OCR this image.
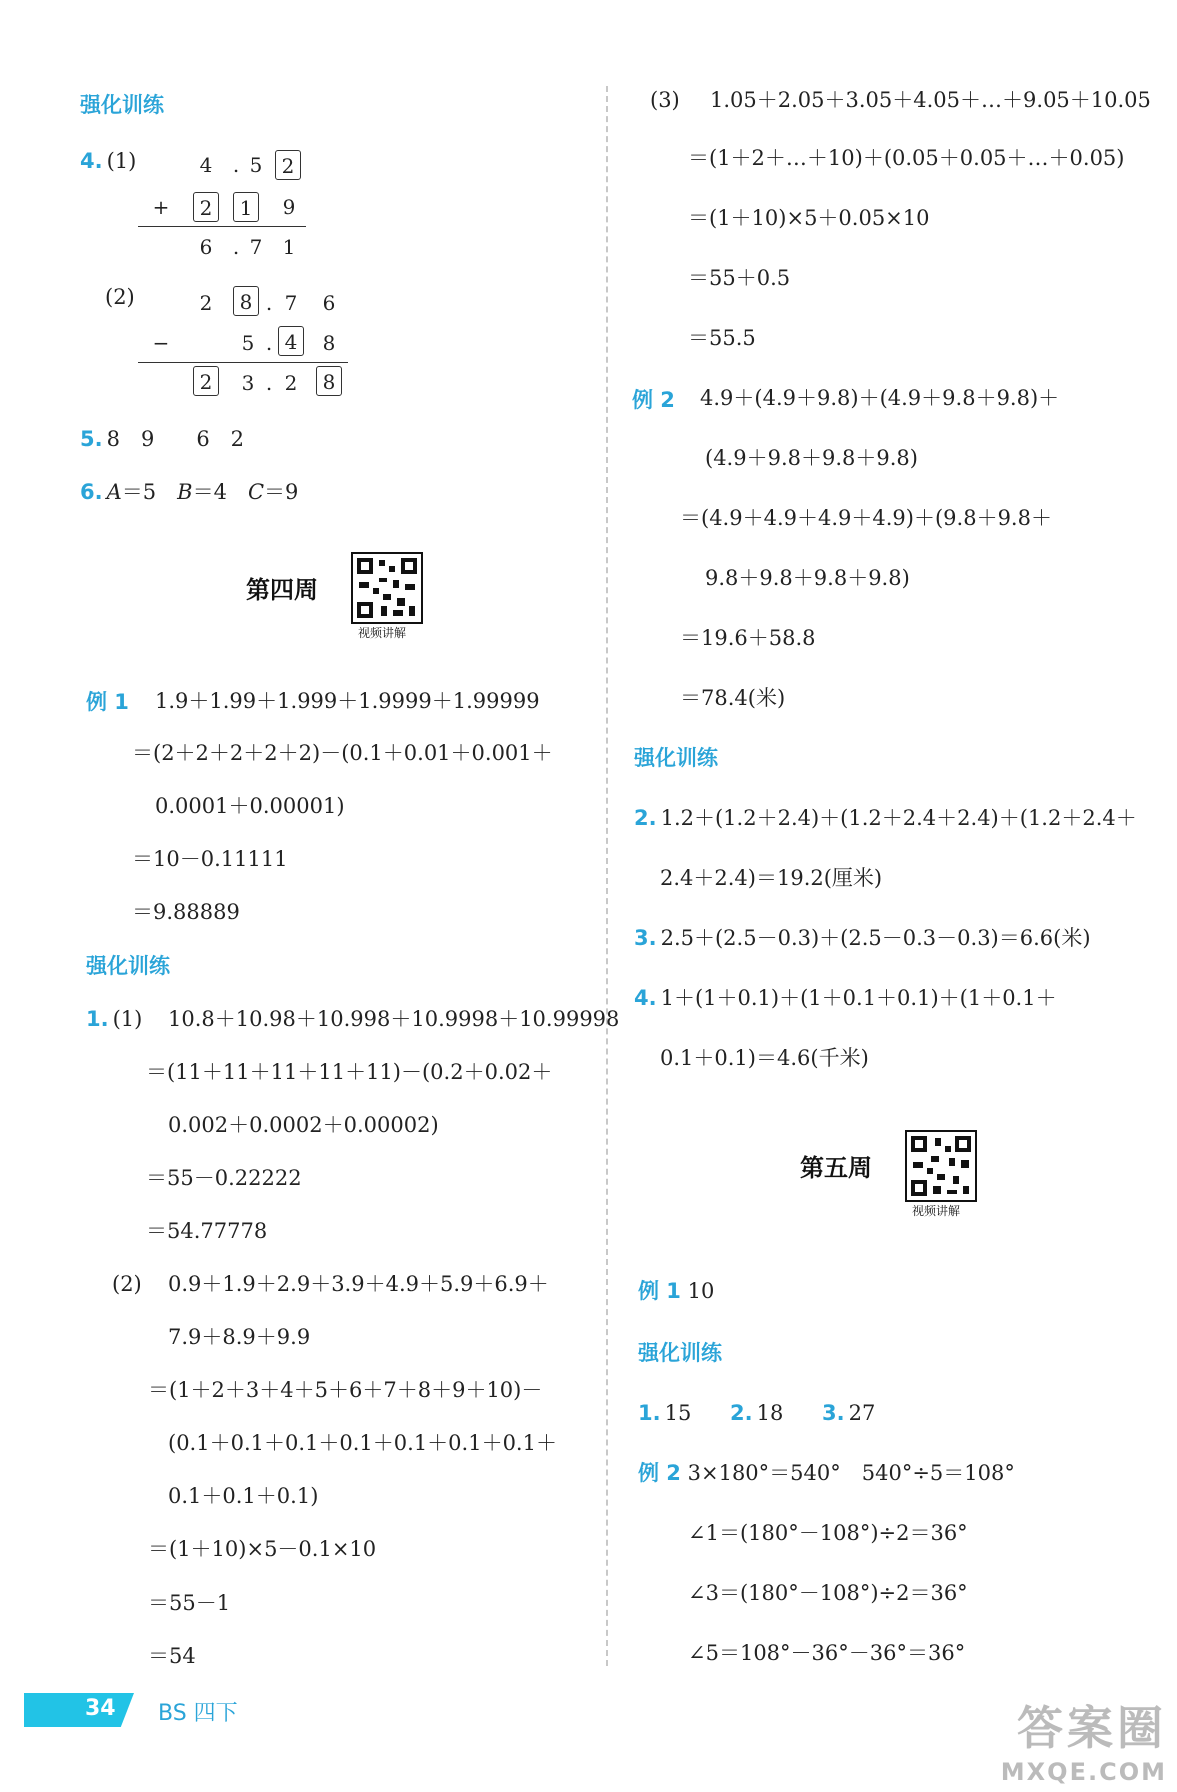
强化训练
4. (1)	4	. 5 2
+	2	1	9
6	. 7 1
(2)	2	8 . 7 6
−	5 . 4	8
2	3 . 2	8
5. 8　9　　6　2
6. A＝5　B＝4　C＝9
第四周
视频讲解
例 1 1.9＋1.99＋1.999＋1.9999＋1.99999
＝(2＋2＋2＋2＋2)－(0.1＋0.01＋0.001＋
0.0001＋0.00001)
＝10－0.11111
＝9.88889
强化训练
1. (1) 10.8＋10.98＋10.998＋10.9998＋10.99998
＝(11＋11＋11＋11＋11)－(0.2＋0.02＋
0.002＋0.0002＋0.00002)
＝55－0.22222
＝54.77778
(2) 0.9＋1.9＋2.9＋3.9＋4.9＋5.9＋6.9＋
7.9＋8.9＋9.9
＝(1＋2＋3＋4＋5＋6＋7＋8＋9＋10)－
(0.1＋0.1＋0.1＋0.1＋0.1＋0.1＋0.1＋
0.1＋0.1＋0.1)
＝(1＋10)×5－0.1×10
＝55－1
＝54
(3) 1.05＋2.05＋3.05＋4.05＋…＋9.05＋10.05
＝(1＋2＋…＋10)＋(0.05＋0.05＋…＋0.05)
＝(1＋10)×5＋0.05×10
＝55＋0.5
＝55.5
例 2 4.9＋(4.9＋9.8)＋(4.9＋9.8＋9.8)＋
(4.9＋9.8＋9.8＋9.8)
＝(4.9＋4.9＋4.9＋4.9)＋(9.8＋9.8＋
9.8＋9.8＋9.8＋9.8)
＝19.6＋58.8
＝78.4(米)
强化训练
2. 1.2＋(1.2＋2.4)＋(1.2＋2.4＋2.4)＋(1.2＋2.4＋
2.4＋2.4)＝19.2(厘米)
3. 2.5＋(2.5－0.3)＋(2.5－0.3－0.3)＝6.6(米)
4. 1＋(1＋0.1)＋(1＋0.1＋0.1)＋(1＋0.1＋
0.1＋0.1)＝4.6(千米)
第五周
视频讲解
例 1 10
强化训练
1. 15 2. 18 3. 27
例 2 3×180°＝540°　540°÷5＝108°
∠1＝(180°－108°)÷2＝36°
∠3＝(180°－108°)÷2＝36°
∠5＝108°－36°－36°＝36°
34 BS 四下	答案圈
MXQE.COM
